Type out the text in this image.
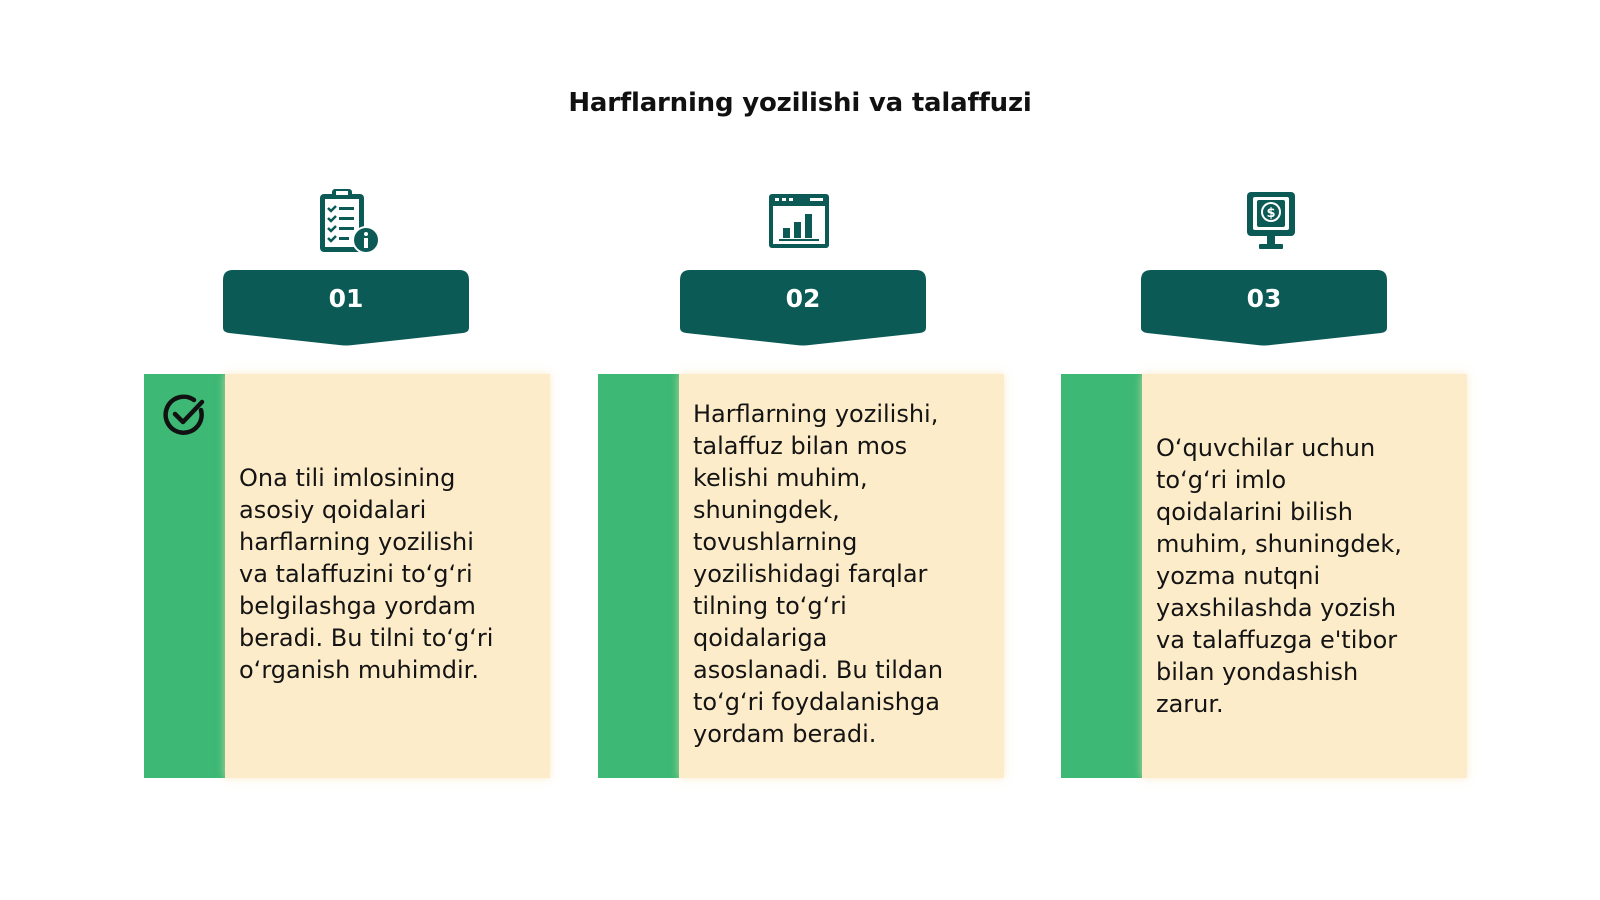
Harflarning yozilishi va talaffuzi
01
Ona tili imlosining
asosiy qoidalari
harflarning yozilishi
va talaffuzini to‘g‘ri
belgilashga yordam
beradi. Bu tilni to‘g‘ri
o‘rganish muhimdir.
02
Harflarning yozilishi,
talaffuz bilan mos
kelishi muhim,
shuningdek,
tovushlarning
yozilishidagi farqlar
tilning to‘g‘ri
qoidalariga
asoslanadi. Bu tildan
to‘g‘ri foydalanishga
yordam beradi.
$
03
O‘quvchilar uchun
to‘g‘ri imlo
qoidalarini bilish
muhim, shuningdek,
yozma nutqni
yaxshilashda yozish
va talaffuzga e'tibor
bilan yondashish
zarur.
